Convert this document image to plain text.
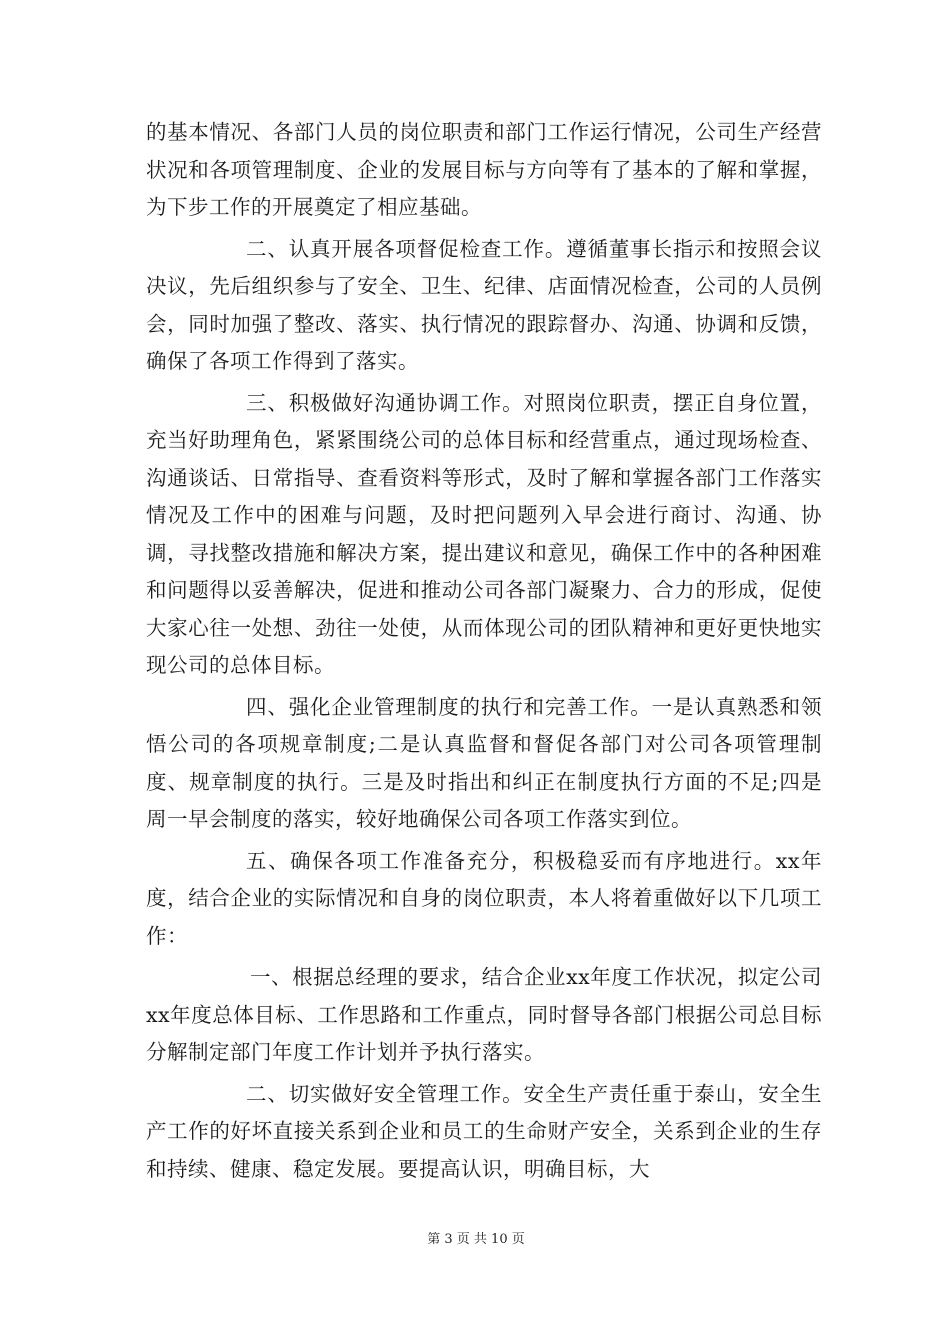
的基本情况、各部门人员的岗位职责和部门工作运行情况，公司生产经营状况和各项管理制度、企业的发展目标与方向等有了基本的了解和掌握，为下步工作的开展奠定了相应基础。

二、认真开展各项督促检查工作。遵循董事长指示和按照会议决议，先后组织参与了安全、卫生、纪律、店面情况检查，公司的人员例会，同时加强了整改、落实、执行情况的跟踪督办、沟通、协调和反馈，确保了各项工作得到了落实。

三、积极做好沟通协调工作。对照岗位职责，摆正自身位置，充当好助理角色，紧紧围绕公司的总体目标和经营重点，通过现场检查、沟通谈话、日常指导、查看资料等形式，及时了解和掌握各部门工作落实情况及工作中的困难与问题，及时把问题列入早会进行商讨、沟通、协调，寻找整改措施和解决方案，提出建议和意见，确保工作中的各种困难和问题得以妥善解决，促进和推动公司各部门凝聚力、合力的形成，促使大家心往一处想、劲往一处使，从而体现公司的团队精神和更好更快地实现公司的总体目标。

四、强化企业管理制度的执行和完善工作。一是认真熟悉和领悟公司的各项规章制度;二是认真监督和督促各部门对公司各项管理制度、规章制度的执行。三是及时指出和纠正在制度执行方面的不足;四是周一早会制度的落实，较好地确保公司各项工作落实到位。

五、确保各项工作准备充分，积极稳妥而有序地进行。xx年度，结合企业的实际情况和自身的岗位职责，本人将着重做好以下几项工作：

一、根据总经理的要求，结合企业xx年度工作状况，拟定公司xx年度总体目标、工作思路和工作重点，同时督导各部门根据公司总目标分解制定部门年度工作计划并予执行落实。

二、切实做好安全管理工作。安全生产责任重于泰山，安全生产工作的好坏直接关系到企业和员工的生命财产安全，关系到企业的生存和持续、健康、稳定发展。要提高认识，明确目标，大

第 3 页 共 10 页
